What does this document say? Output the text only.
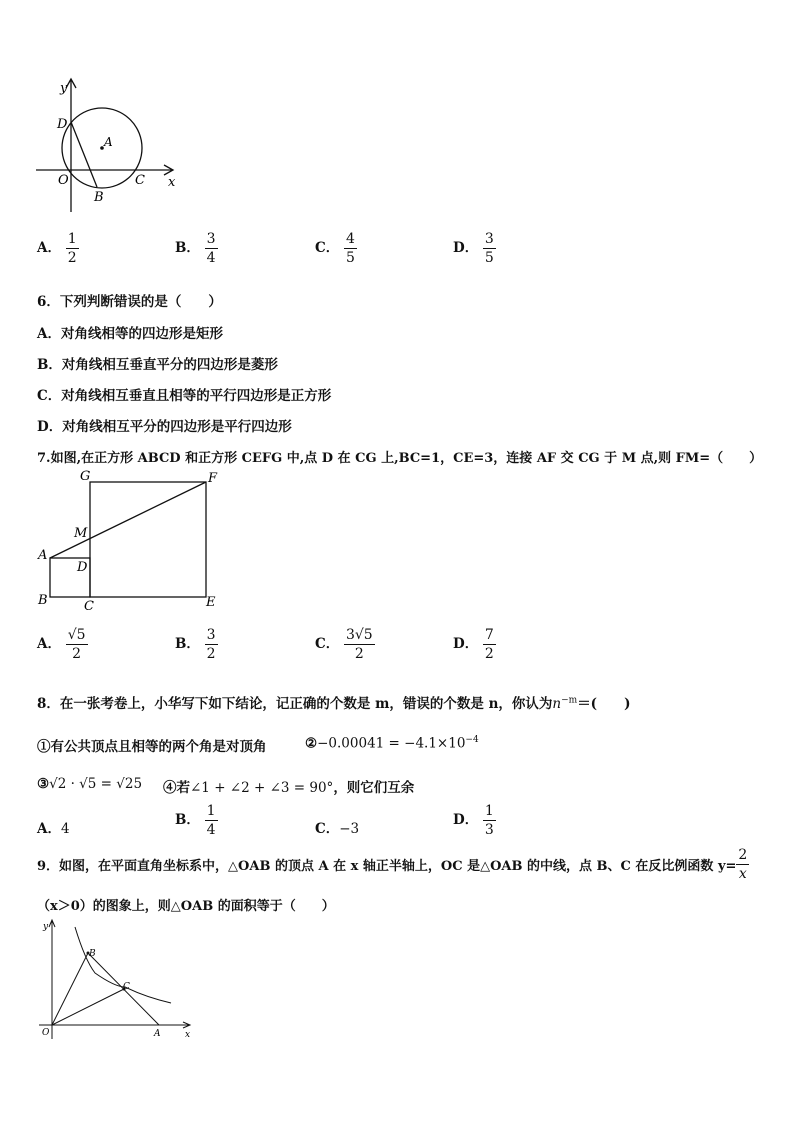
y
x
D
A
O
B
C
A． $\frac{1}{2}$	B． $\frac{3}{4}$	C． $\frac{4}{5}$	D． $\frac{3}{5}$
6．下列判断错误的是（　　）
A．对角线相等的四边形是矩形
B．对角线相互垂直平分的四边形是菱形
C．对角线相互垂直且相等的平行四边形是正方形
D．对角线相互平分的四边形是平行四边形
7.如图,在正方形 ABCD 和正方形 CEFG 中,点 D 在 CG 上,BC=1，CE=3，连接 AF 交 CG 于 M 点,则 FM=（　　）
G	F
M
A
D
B	C	E
A． $\frac{√5}{2}$	B． $\frac{3}{2}$	C． $\frac{3√5}{2}$	D． $\frac{7}{2}$
8．在一张考卷上，小华写下如下结论，记正确的个数是 m，错误的个数是 n，你认为$n^{-m}=$(　　)
①有公共顶点且相等的两个角是对顶角	②−0.00041 = $-4.1\times 10^{-4}$
③√2 · √5 = √25 ④若∠1 + ∠2 + ∠3 = 90°，则它们互余
A．4
B． $\frac{1}{4}$	C．−3
D． $\frac{1}{3}$
9．如图，在平面直角坐标系中，△OAB 的顶点 A 在 x 轴正半轴上，OC 是△OAB 的中线，点 B、C 在反比例函数 $y= \frac{2}{x}$
（x＞0）的图象上，则△OAB 的面积等于（　　）
y
x
O	A
B
C
